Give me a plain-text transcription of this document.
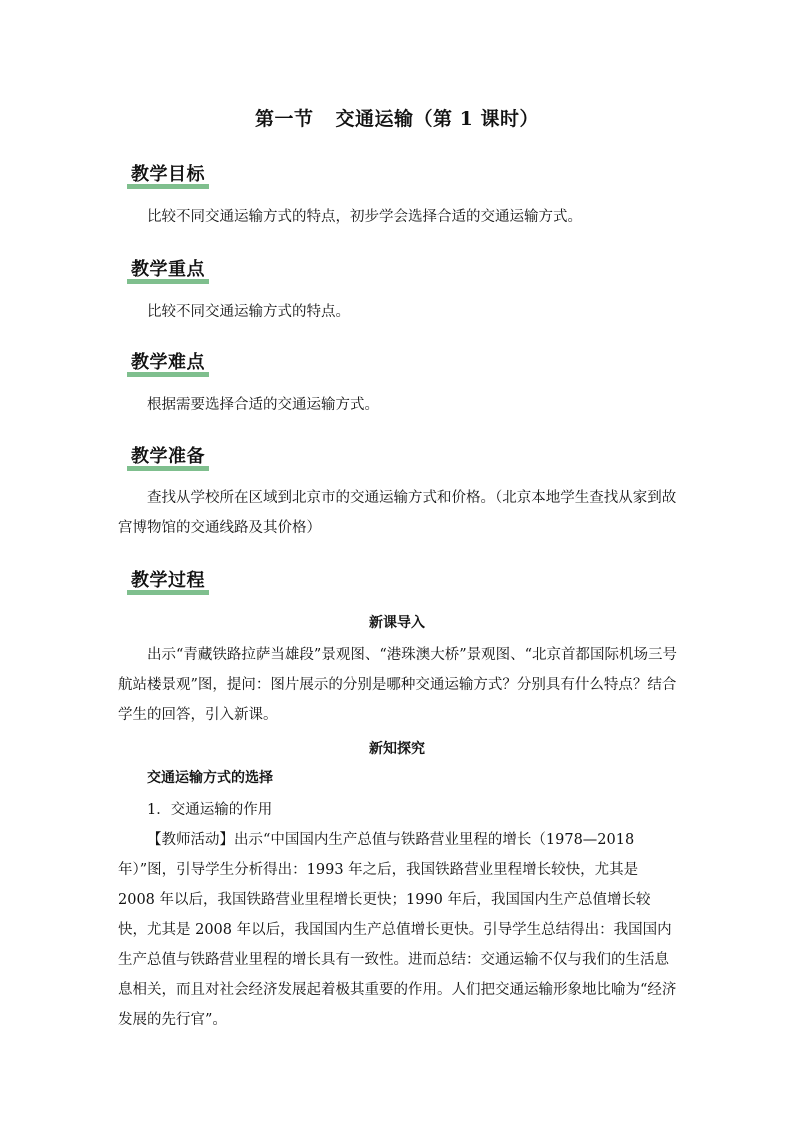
第一节 交通运输（第 1 课时）
教学目标

比较不同交通运输方式的特点，初步学会选择合适的交通运输方式。

教学重点

比较不同交通运输方式的特点。

教学难点

根据需要选择合适的交通运输方式。

教学准备

查找从学校所在区域到北京市的交通运输方式和价格。（北京本地学生查找从家到故宫博物馆的交通线路及其价格）

教学过程
新课导入

出示“青藏铁路拉萨当雄段”景观图、“港珠澳大桥”景观图、“北京首都国际机场三号航站楼景观”图，提问：图片展示的分别是哪种交通运输方式？分别具有什么特点？结合学生的回答，引入新课。

新知探究
交通运输方式的选择
1．交通运输的作用

【教师活动】出示“中国国内生产总值与铁路营业里程的增长（1978—2018 年）”图，引导学生分析得出：1993 年之后，我国铁路营业里程增长较快，尤其是 2008 年以后，我国铁路营业里程增长更快；1990 年后，我国国内生产总值增长较快，尤其是 2008 年以后，我国国内生产总值增长更快。引导学生总结得出：我国国内生产总值与铁路营业里程的增长具有一致性。进而总结：交通运输不仅与我们的生活息息相关，而且对社会经济发展起着极其重要的作用。人们把交通运输形象地比喻为“经济发展的先行官”。
